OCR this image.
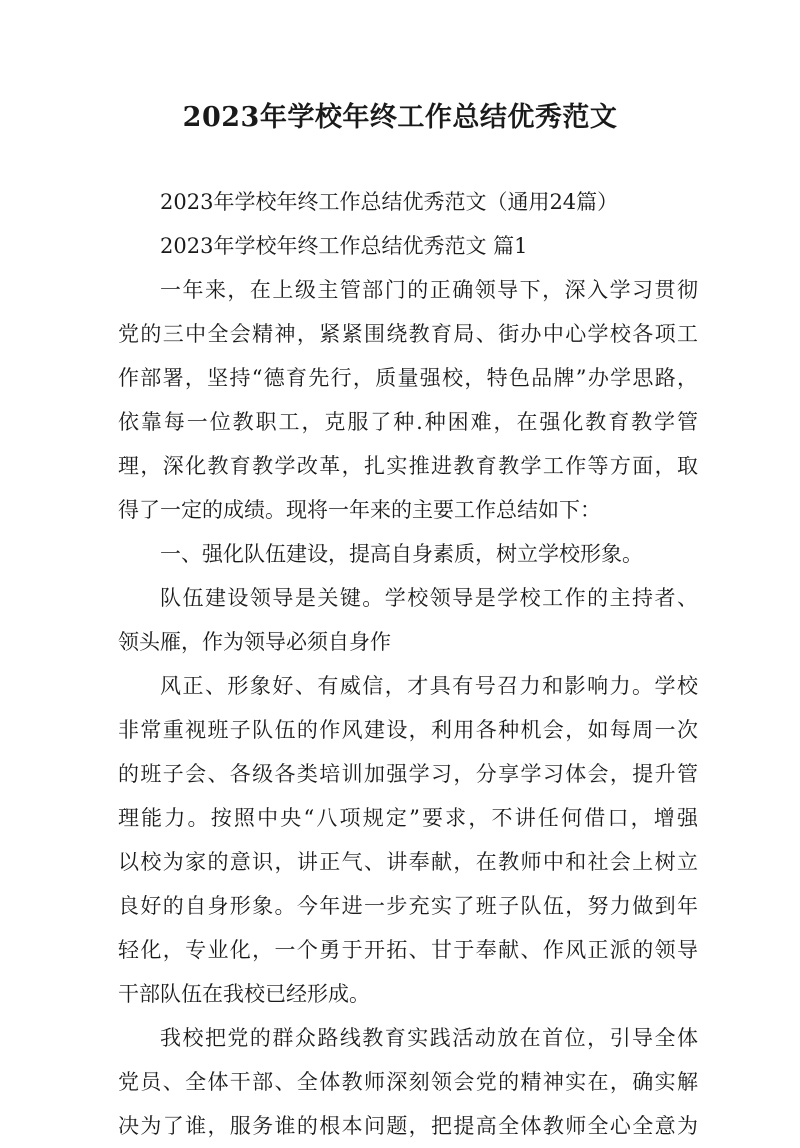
2023年学校年终工作总结优秀范文
2023年学校年终工作总结优秀范文（通用24篇）
2023年学校年终工作总结优秀范文 篇1
一年来，在上级主管部门的正确领导下，深入学习贯彻
党的三中全会精神，紧紧围绕教育局、街办中心学校各项工
作部署，坚持“德育先行，质量强校，特色品牌”办学思路，
依靠每一位教职工，克服了种.种困难，在强化教育教学管
理，深化教育教学改革，扎实推进教育教学工作等方面，取
得了一定的成绩。现将一年来的主要工作总结如下：
一、强化队伍建设，提高自身素质，树立学校形象。
队伍建设领导是关键。学校领导是学校工作的主持者、
领头雁，作为领导必须自身作
风正、形象好、有威信，才具有号召力和影响力。学校
非常重视班子队伍的作风建设，利用各种机会，如每周一次
的班子会、各级各类培训加强学习，分享学习体会，提升管
理能力。按照中央“八项规定”要求，不讲任何借口，增强
以校为家的意识，讲正气、讲奉献，在教师中和社会上树立
良好的自身形象。今年进一步充实了班子队伍，努力做到年
轻化，专业化，一个勇于开拓、甘于奉献、作风正派的领导
干部队伍在我校已经形成。
我校把党的群众路线教育实践活动放在首位，引导全体
党员、全体干部、全体教师深刻领会党的精神实在，确实解
决为了谁，服务谁的根本问题，把提高全体教师全心全意为
